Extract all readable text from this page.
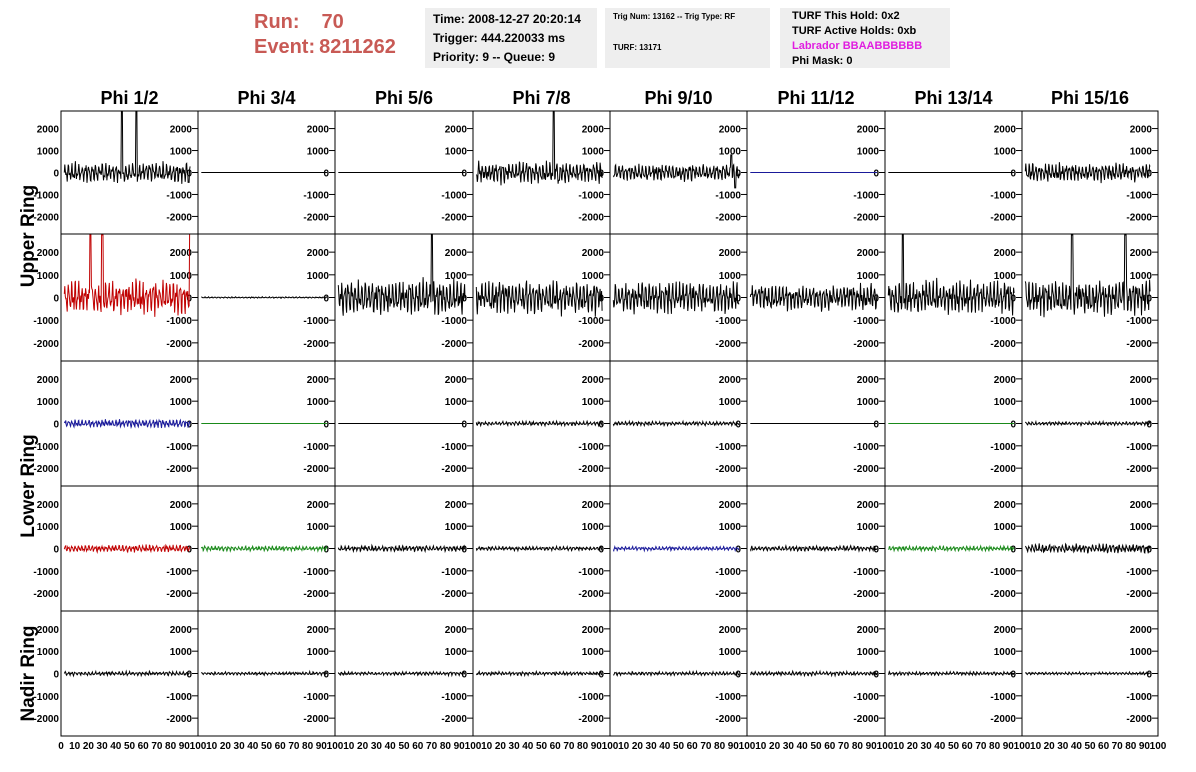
Run: 70
Event: 8211262
Time: 2008-12-27 20:20:14
Trigger: 444.220033 ms
Priority: 9 -- Queue: 9
Trig Num: 13162 -- Trig Type: RF
TURF: 13171
TURF This Hold: 0x2
TURF Active Holds: 0xb
Labrador BBAABBBBBB
Phi Mask: 0
Phi 1/2	Phi 3/4	Phi 5/6	Phi 7/8	Phi 9/10	Phi 11/12	Phi 13/14	Phi 15/16
Upper Ring
Lower Ring
Nadir Ring
2000
1000
0
-1000
-2000
2000
1000
0
-1000
-2000
2000
1000
0
-1000
-2000
2000
1000
0
-1000
-2000
2000
1000
0
-1000
-2000
2000
1000
0
-1000
-2000
2000
1000
0
-1000
-2000
2000
1000
0
-1000
-2000
2000
1000
0
-1000
-2000
2000
1000
0
-1000
-2000
2000
1000
0
-1000
-2000
2000
1000
0
-1000
-2000
2000
1000
0
-1000
-2000
2000
1000
0
-1000
-2000
2000
1000
0
-1000
-2000
2000
1000
0
-1000
-2000
2000
1000
0
-1000
-2000
2000
1000
0
-1000
-2000
2000
1000
0
-1000
-2000
2000
1000
0
-1000
-2000
2000
1000
0
-1000
-2000
2000
1000
0
-1000
-2000
2000
1000
0
-1000
-2000
2000
1000
0
-1000
-2000
2000
1000
0
-1000
-2000
2000
1000
0
-1000
-2000
2000
1000
0
-1000
-2000
2000
1000
0
-1000
-2000
2000
1000
0
-1000
-2000
2000
1000
0
-1000
-2000
2000
1000
0
-1000
-2000
2000
1000
0
-1000
-2000
2000
1000
0
-1000
-2000
2000
1000
0
-1000
-2000
2000
1000
0
-1000
-2000
2000
1000
0
-1000
-2000
2000
1000
0
-1000
-2000
2000
1000
0
-1000
-2000
2000
1000
0
-1000
-2000
2000
1000
0
-1000
-2000
2000
1000
0
-1000
-2000
2000
1000
0
-1000
-2000
2000
1000
0
-1000
-2000
2000
1000
0
-1000
-2000
2000
1000
0
-1000
-2000
0 10 20 30 40 50 60 70 80 90 100 10 20 30 40 50 60 70 80 90 100 10 20 30 40 50 60 70 80 90 100 10 20 30 40 50 60 70 80 90 100 10 20 30 40 50 60 70 80 90 100 10 20 30 40 50 60 70 80 90 100 10 20 30 40 50 60 70 80 90 100 10 20 30 40 50 60 70 80 90 100
